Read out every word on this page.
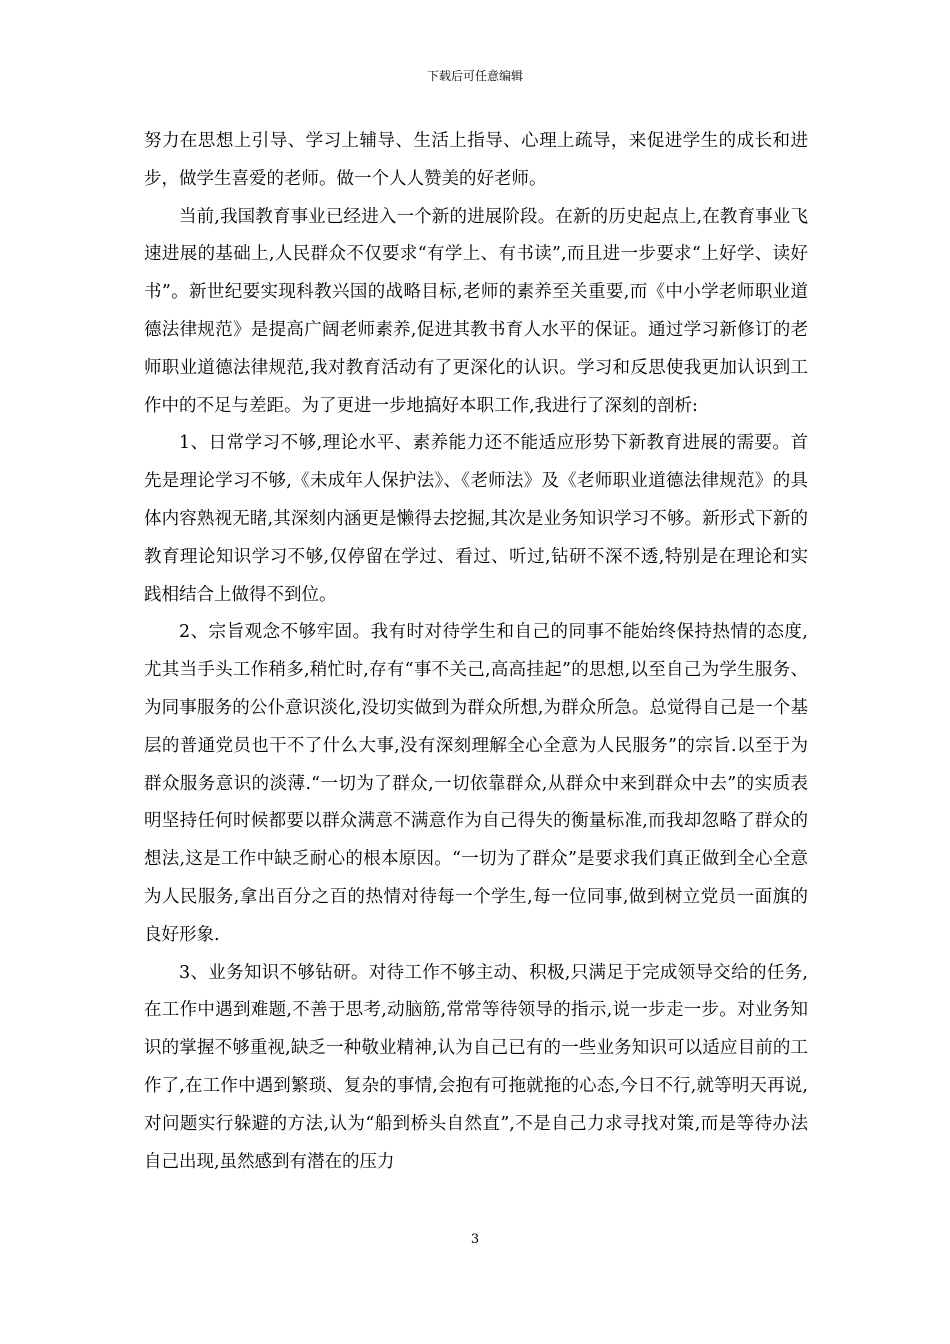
下载后可任意编辑

努力在思想上引导、学习上辅导、生活上指导、心理上疏导，来促进学生的成长和进步，做学生喜爱的老师。做一个人人赞美的好老师。

当前,我国教育事业已经进入一个新的进展阶段。在新的历史起点上,在教育事业飞速进展的基础上,人民群众不仅要求“有学上、有书读”,而且进一步要求“上好学、读好书”。新世纪要实现科教兴国的战略目标,老师的素养至关重要,而《中小学老师职业道德法律规范》是提高广阔老师素养,促进其教书育人水平的保证。通过学习新修订的老师职业道德法律规范,我对教育活动有了更深化的认识。学习和反思使我更加认识到工作中的不足与差距。为了更进一步地搞好本职工作,我进行了深刻的剖析:

1、日常学习不够,理论水平、素养能力还不能适应形势下新教育进展的需要。首先是理论学习不够,《未成年人保护法》、《老师法》及《老师职业道德法律规范》的具体内容熟视无睹,其深刻内涵更是懒得去挖掘,其次是业务知识学习不够。新形式下新的教育理论知识学习不够,仅停留在学过、看过、听过,钻研不深不透,特别是在理论和实践相结合上做得不到位。

2、宗旨观念不够牢固。我有时对待学生和自己的同事不能始终保持热情的态度,尤其当手头工作稍多,稍忙时,存有“事不关己,高高挂起”的思想,以至自己为学生服务、为同事服务的公仆意识淡化,没切实做到为群众所想,为群众所急。总觉得自己是一个基层的普通党员也干不了什么大事,没有深刻理解全心全意为人民服务”的宗旨.以至于为群众服务意识的淡薄.“一切为了群众,一切依靠群众,从群众中来到群众中去”的实质表明坚持任何时候都要以群众满意不满意作为自己得失的衡量标准,而我却忽略了群众的想法,这是工作中缺乏耐心的根本原因。“一切为了群众”是要求我们真正做到全心全意为人民服务,拿出百分之百的热情对待每一个学生,每一位同事,做到树立党员一面旗的良好形象.

3、业务知识不够钻研。对待工作不够主动、积极,只满足于完成领导交给的任务,在工作中遇到难题,不善于思考,动脑筋,常常等待领导的指示,说一步走一步。对业务知识的掌握不够重视,缺乏一种敬业精神,认为自己已有的一些业务知识可以适应目前的工作了,在工作中遇到繁琐、复杂的事情,会抱有可拖就拖的心态,今日不行,就等明天再说,对问题实行躲避的方法,认为“船到桥头自然直”,不是自己力求寻找对策,而是等待办法自己出现,虽然感到有潜在的压力

3
